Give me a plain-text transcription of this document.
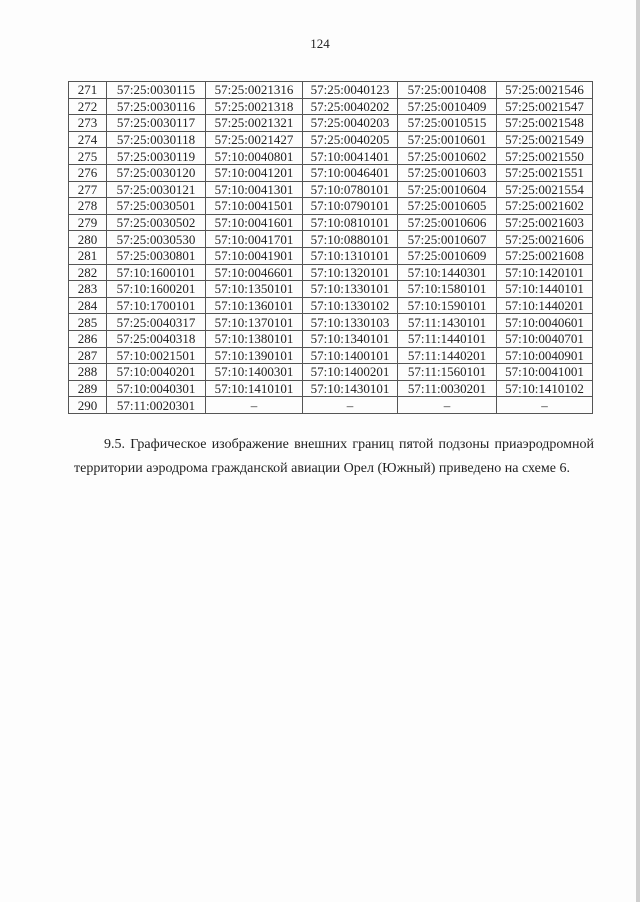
124
271	57:25:0030115	57:25:0021316	57:25:0040123	57:25:0010408	57:25:0021546
272	57:25:0030116	57:25:0021318	57:25:0040202	57:25:0010409	57:25:0021547
273	57:25:0030117	57:25:0021321	57:25:0040203	57:25:0010515	57:25:0021548
274	57:25:0030118	57:25:0021427	57:25:0040205	57:25:0010601	57:25:0021549
275	57:25:0030119	57:10:0040801	57:10:0041401	57:25:0010602	57:25:0021550
276	57:25:0030120	57:10:0041201	57:10:0046401	57:25:0010603	57:25:0021551
277	57:25:0030121	57:10:0041301	57:10:0780101	57:25:0010604	57:25:0021554
278	57:25:0030501	57:10:0041501	57:10:0790101	57:25:0010605	57:25:0021602
279	57:25:0030502	57:10:0041601	57:10:0810101	57:25:0010606	57:25:0021603
280	57:25:0030530	57:10:0041701	57:10:0880101	57:25:0010607	57:25:0021606
281	57:25:0030801	57:10:0041901	57:10:1310101	57:25:0010609	57:25:0021608
282	57:10:1600101	57:10:0046601	57:10:1320101	57:10:1440301	57:10:1420101
283	57:10:1600201	57:10:1350101	57:10:1330101	57:10:1580101	57:10:1440101
284	57:10:1700101	57:10:1360101	57:10:1330102	57:10:1590101	57:10:1440201
285	57:25:0040317	57:10:1370101	57:10:1330103	57:11:1430101	57:10:0040601
286	57:25:0040318	57:10:1380101	57:10:1340101	57:11:1440101	57:10:0040701
287	57:10:0021501	57:10:1390101	57:10:1400101	57:11:1440201	57:10:0040901
288	57:10:0040201	57:10:1400301	57:10:1400201	57:11:1560101	57:10:0041001
289	57:10:0040301	57:10:1410101	57:10:1430101	57:11:0030201	57:10:1410102
290	57:11:0020301	–	–	–	–

9.5. Графическое изображение внешних границ пятой подзоны приаэродромной территории аэродрома гражданской авиации Орел (Южный) приведено на схеме 6.
